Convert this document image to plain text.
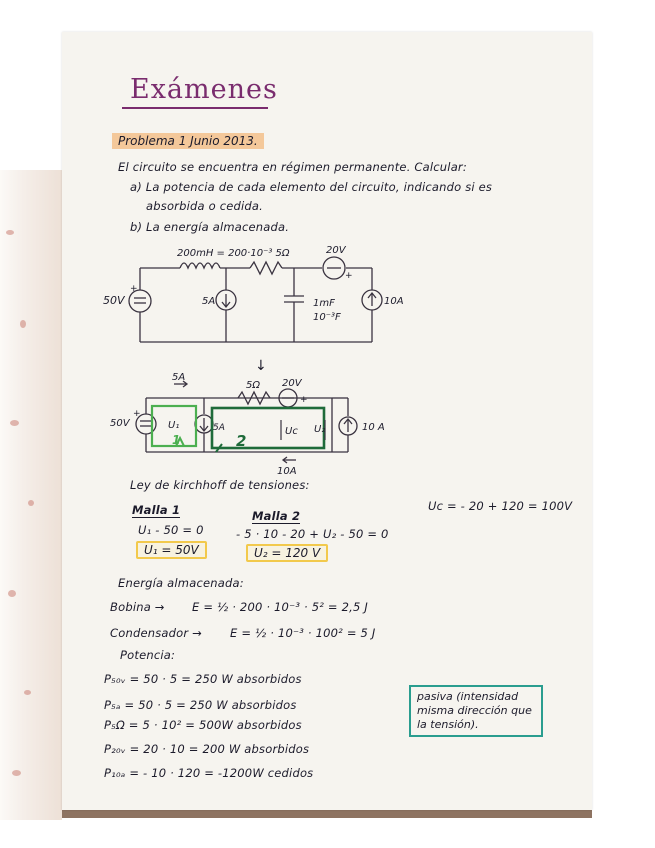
Exámenes
Problema 1 Junio 2013.
El circuito se encuentra en régimen permanente. Calcular:
a) La potencia de cada elemento del circuito, indicando si es
absorbida o cedida.
b) La energía almacenada.
200mH = 200·10⁻³ 5Ω
50V
+
5A	1mF
10⁻³F
20V
+
10A
↓
5A
5Ω 20V
+
50V
+
U₁
1
5A
2
Uc U₂	10 A
10A
Ley de kirchhoff de tensiones:
Uc = - 20 + 120 = 100V
Malla 1
U₁ - 50 = 0
U₁ = 50V
Malla 2
- 5 · 10 - 20 + U₂ - 50 = 0
U₂ = 120 V
Energía almacenada:
Bobina → E = ½ · 200 · 10⁻³ · 5² = 2,5 J
Condensador → E = ½ · 10⁻³ · 100² = 5 J
Potencia:
P₅₀ᵥ = 50 · 5 = 250 W absorbidos
P₅ₐ = 50 · 5 = 250 W absorbidos
P₅Ω = 5 · 10² = 500W absorbidos
P₂₀ᵥ = 20 · 10 = 200 W absorbidos
P₁₀ₐ = - 10 · 120 = -1200W cedidos
pasiva (intensidad misma dirección que la tensión).
